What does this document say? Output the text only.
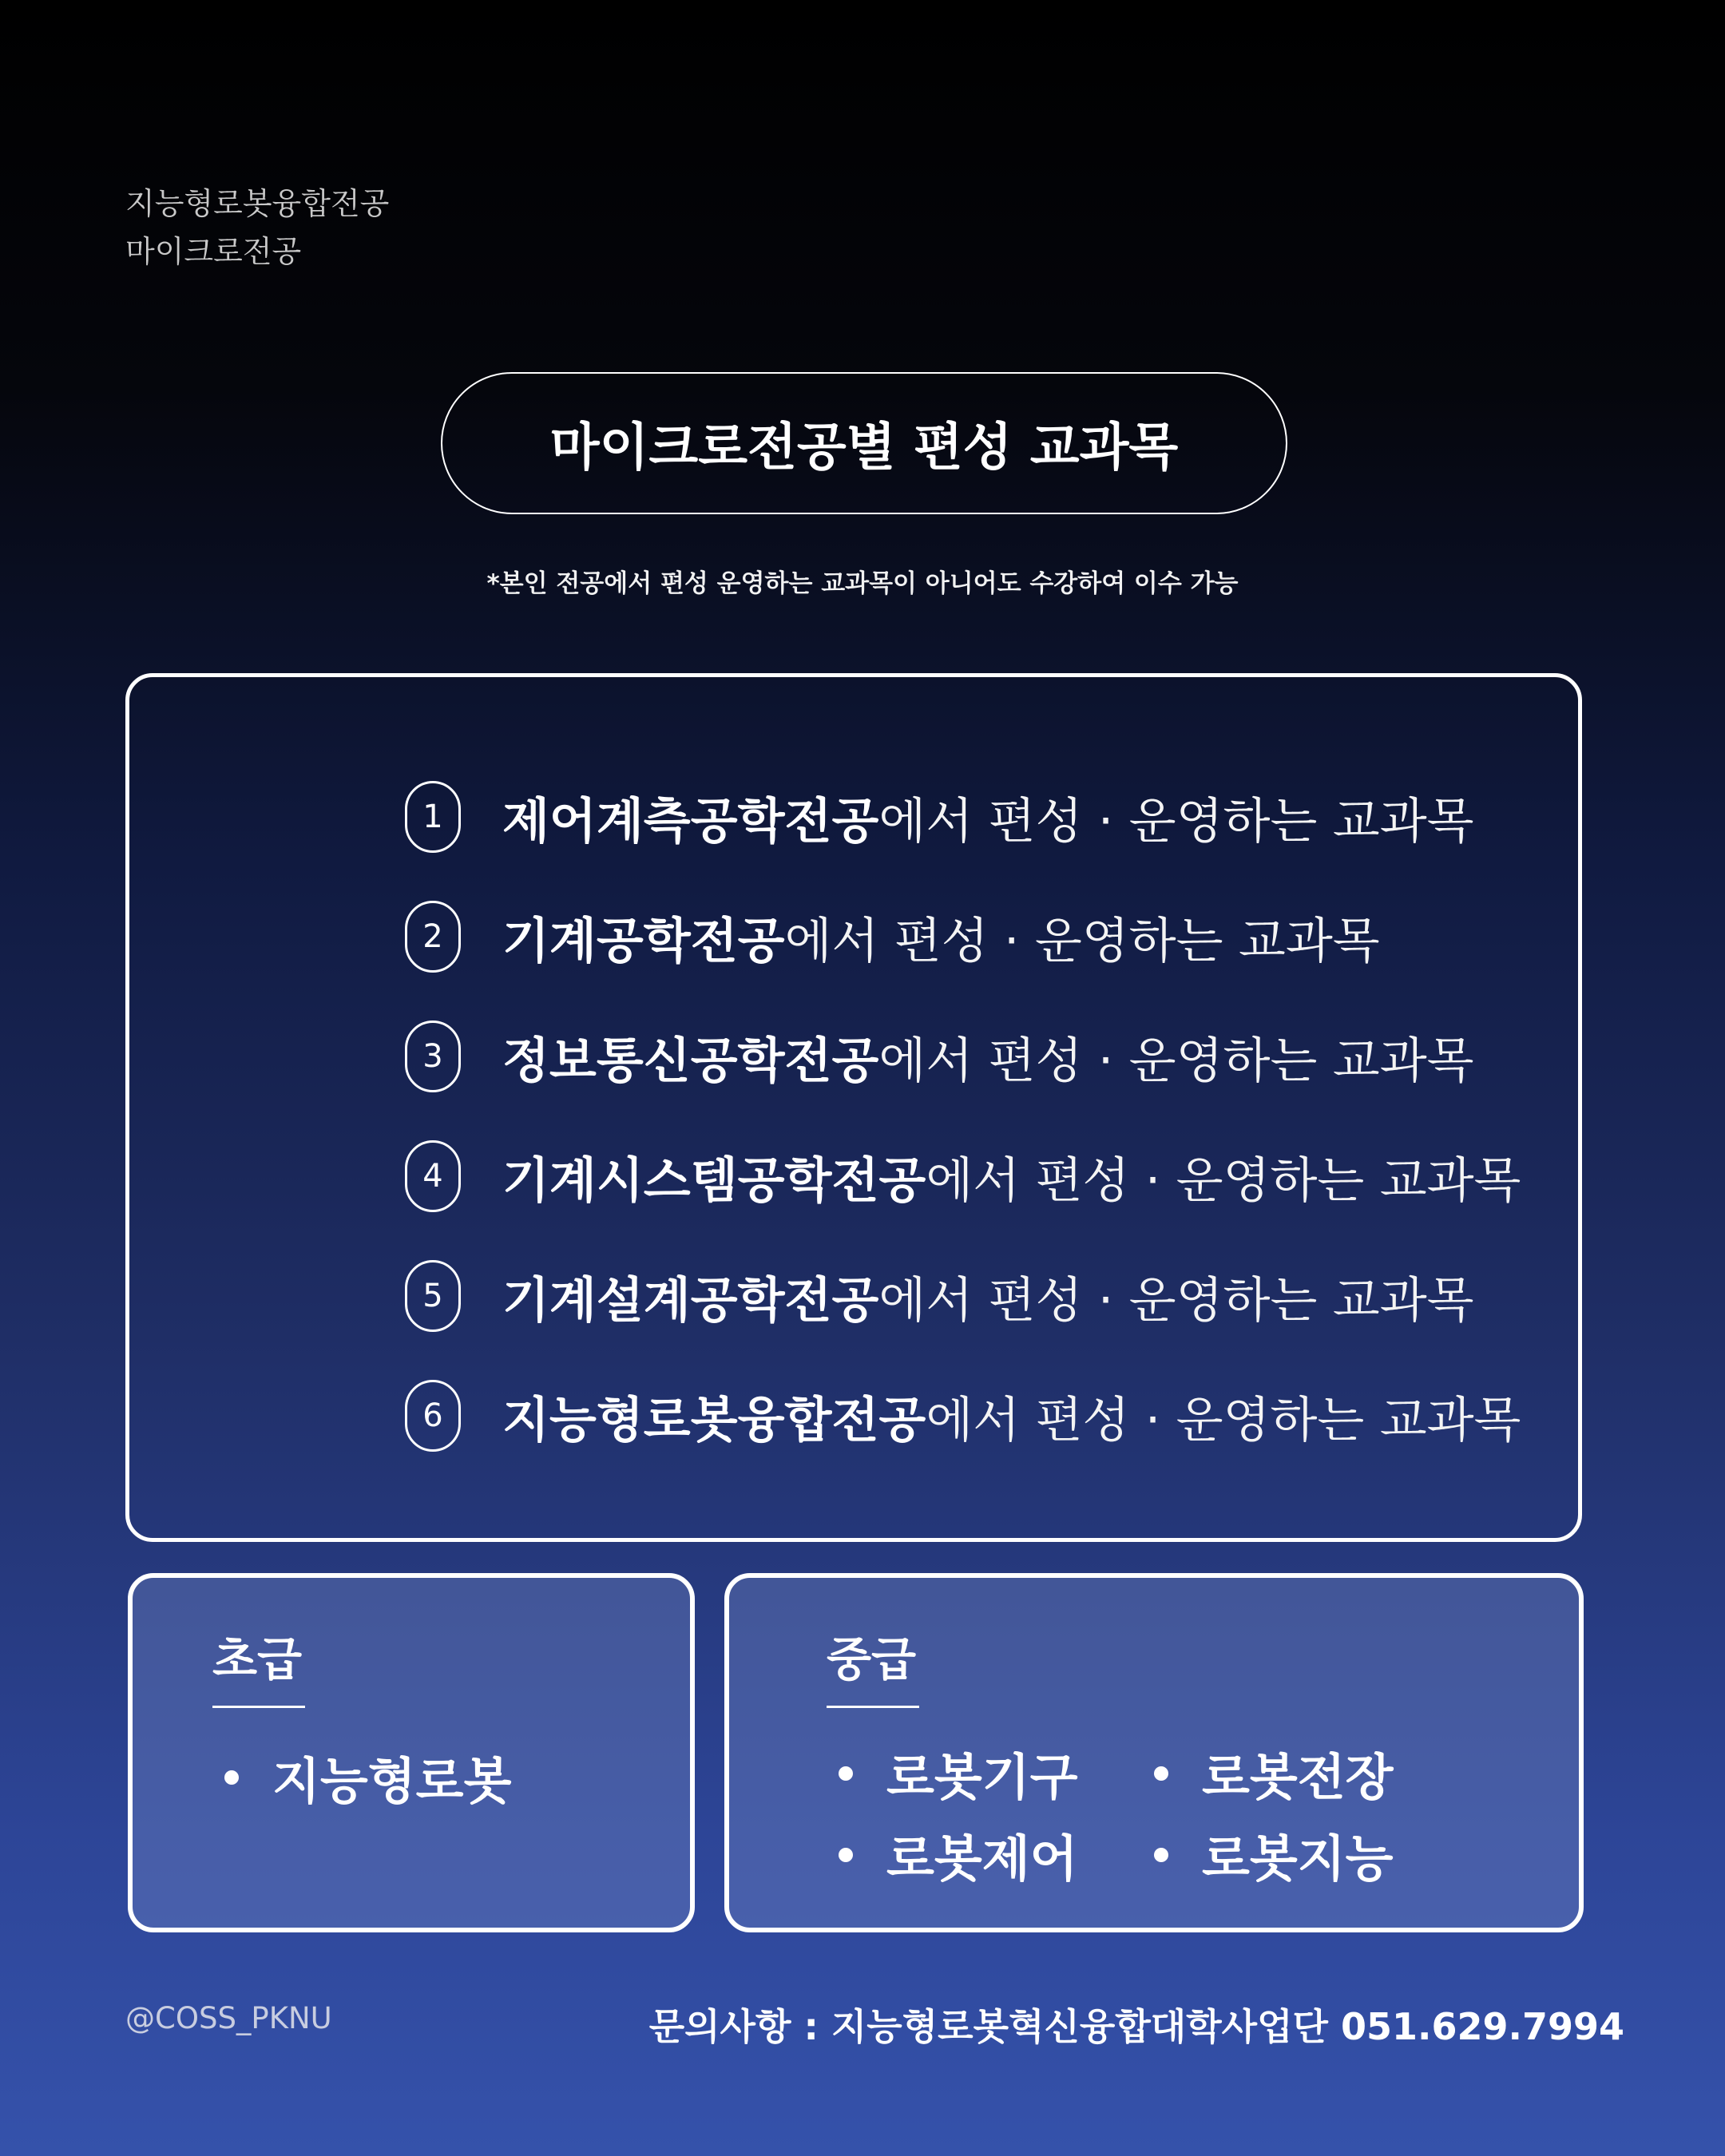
지능형로봇융합전공
마이크로전공
마이크로전공별 편성 교과목
*본인 전공에서 편성 운영하는 교과목이 아니어도 수강하여 이수 가능
1	제어계측공학전공에서 편성 · 운영하는 교과목
2	기계공학전공에서 편성 · 운영하는 교과목
3	정보통신공학전공에서 편성 · 운영하는 교과목
4	기계시스템공학전공에서 편성 · 운영하는 교과목
5	기계설계공학전공에서 편성 · 운영하는 교과목
6	지능형로봇융합전공에서 편성 · 운영하는 교과목
초급
지능형로봇
중급
로봇기구	로봇전장
로봇제어	로봇지능
@COSS_PKNU	문의사항 : 지능형로봇혁신융합대학사업단 051.629.7994
